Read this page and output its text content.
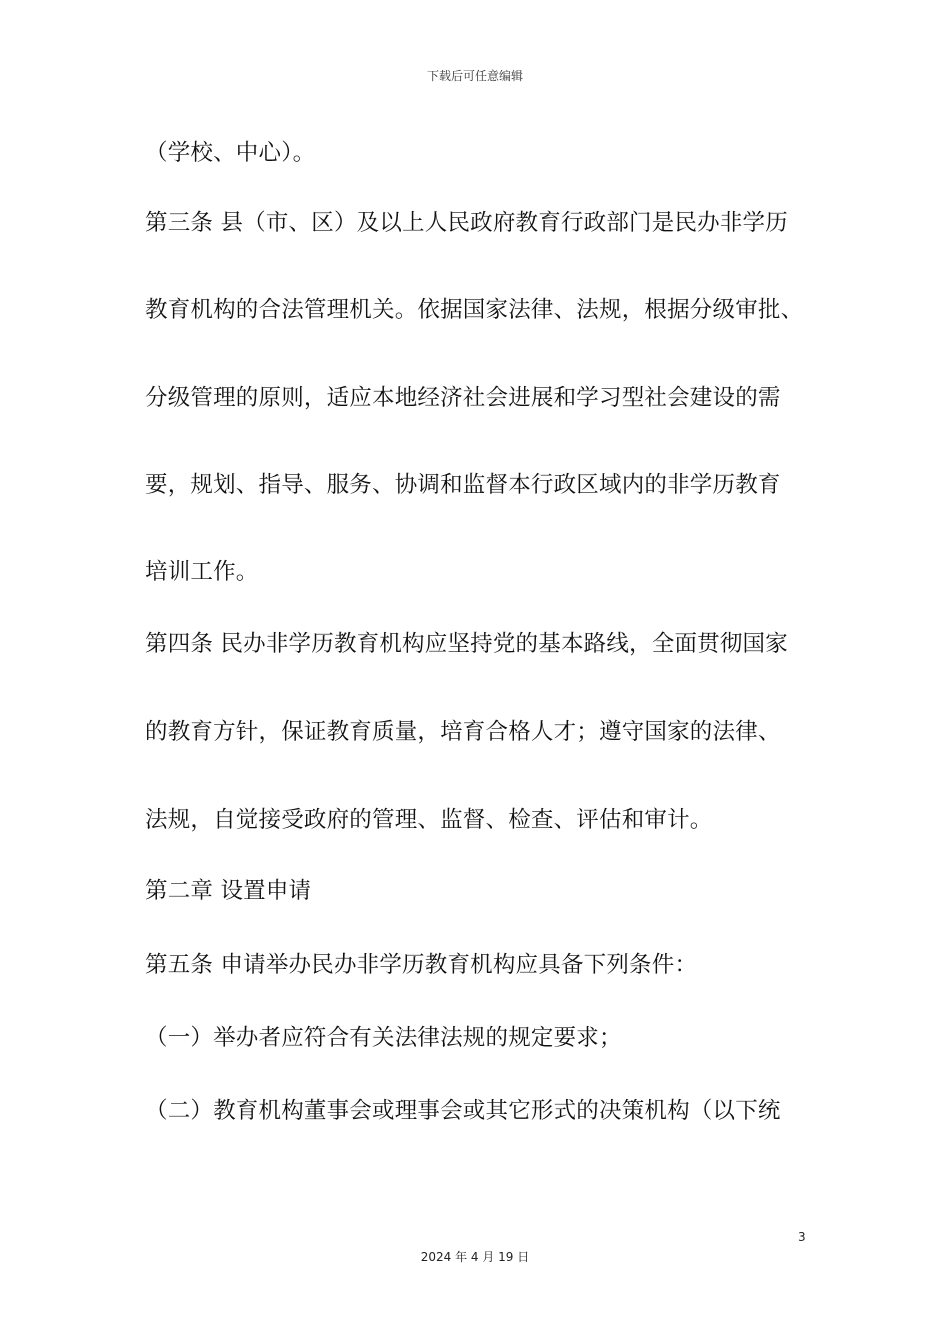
下载后可任意编辑
（学校、中心）。
第三条 县（市、区）及以上人民政府教育行政部门是民办非学历
教育机构的合法管理机关。依据国家法律、法规，根据分级审批、
分级管理的原则，适应本地经济社会进展和学习型社会建设的需
要，规划、指导、服务、协调和监督本行政区域内的非学历教育
培训工作。
第四条 民办非学历教育机构应坚持党的基本路线，全面贯彻国家
的教育方针，保证教育质量，培育合格人才；遵守国家的法律、
法规，自觉接受政府的管理、监督、检查、评估和审计。
第二章 设置申请
第五条 申请举办民办非学历教育机构应具备下列条件：
（一）举办者应符合有关法律法规的规定要求；
（二）教育机构董事会或理事会或其它形式的决策机构（以下统
3
2024 年 4 月 19 日
